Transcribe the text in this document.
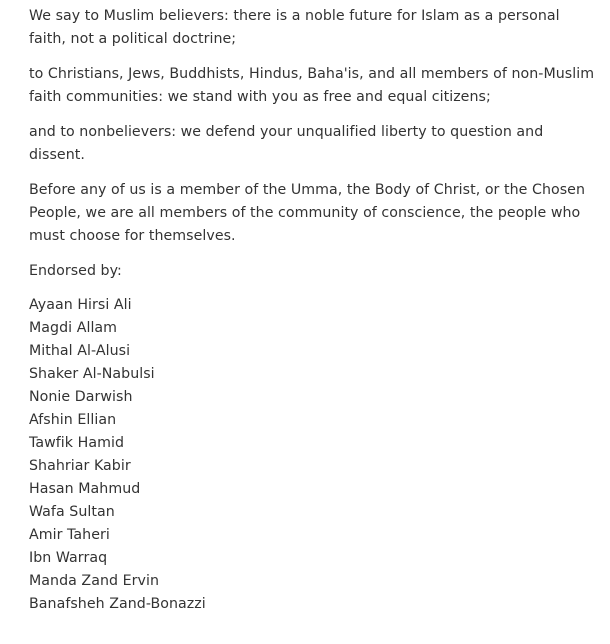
We say to Muslim believers: there is a noble future for Islam as a personal faith, not a political doctrine;

to Christians, Jews, Buddhists, Hindus, Baha'is, and all members of non-Muslim faith communities: we stand with you as free and equal citizens;

and to nonbelievers: we defend your unqualified liberty to question and dissent.

Before any of us is a member of the Umma, the Body of Christ, or the Chosen People, we are all members of the community of conscience, the people who must choose for themselves.

Endorsed by:

Ayaan Hirsi Ali
Magdi Allam
Mithal Al-Alusi
Shaker Al-Nabulsi
Nonie Darwish
Afshin Ellian
Tawfik Hamid
Shahriar Kabir
Hasan Mahmud
Wafa Sultan
Amir Taheri
Ibn Warraq
Manda Zand Ervin
Banafsheh Zand-Bonazzi
